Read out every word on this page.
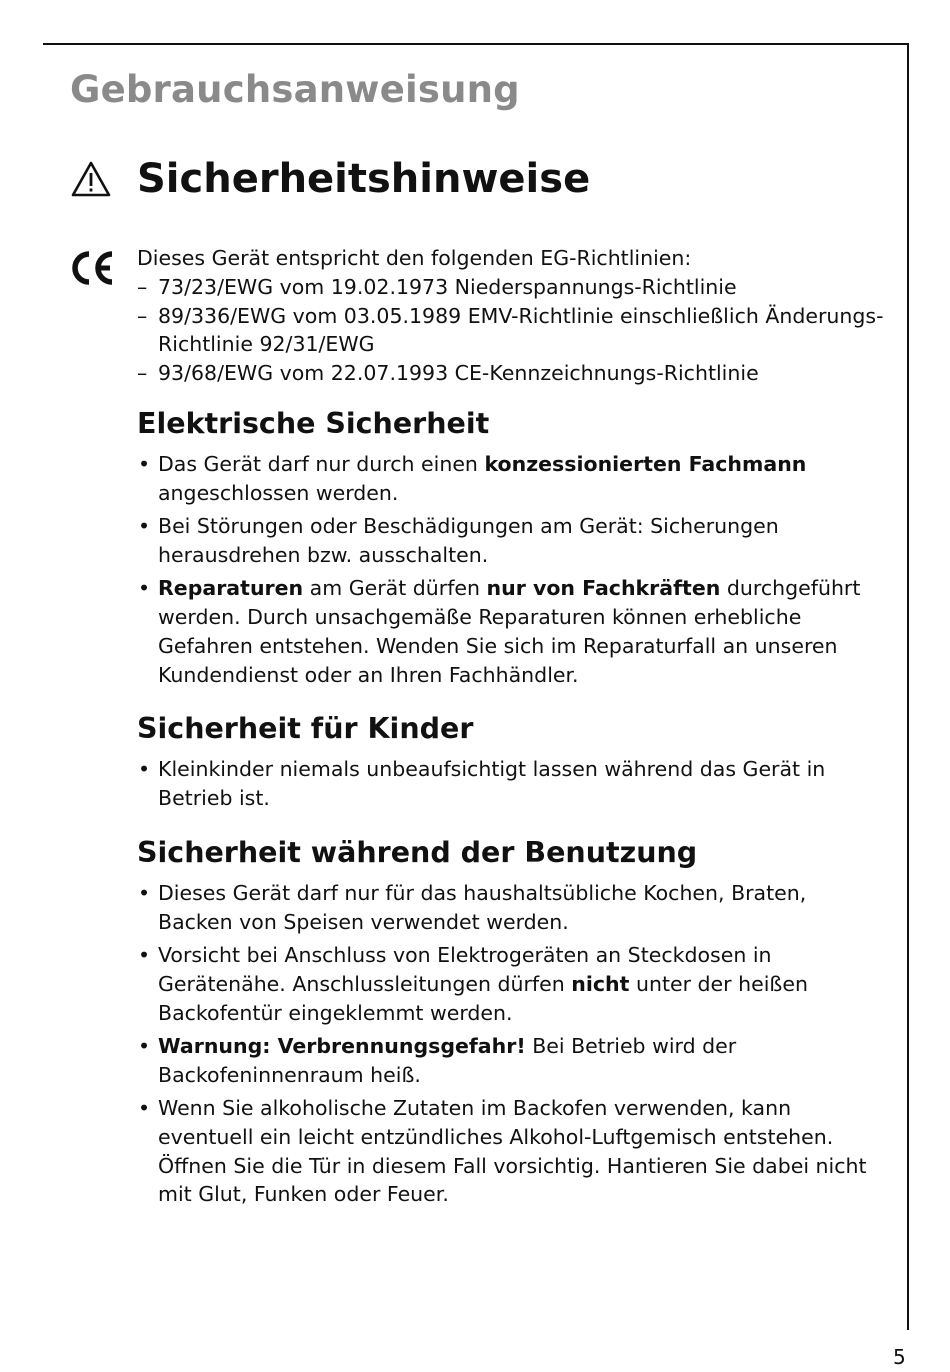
Gebrauchsanweisung
Sicherheitshinweise

Dieses Gerät entspricht den folgenden EG-Richtlinien:

– 73/23/EWG vom 19.02.1973 Niederspannungs-Richtlinie
– 89/336/EWG vom 03.05.1989 EMV-Richtlinie einschließlich Änderungs-Richtlinie 92/31/EWG
– 93/68/EWG vom 22.07.1993 CE-Kennzeichnungs-Richtlinie
Elektrische Sicherheit
• Das Gerät darf nur durch einen konzessionierten Fachmann angeschlossen werden.
• Bei Störungen oder Beschädigungen am Gerät: Sicherungen herausdrehen bzw. ausschalten.
• Reparaturen am Gerät dürfen nur von Fachkräften durchgeführt werden. Durch unsachgemäße Reparaturen können erhebliche Gefahren entstehen. Wenden Sie sich im Reparaturfall an unseren Kundendienst oder an Ihren Fachhändler.
Sicherheit für Kinder
• Kleinkinder niemals unbeaufsichtigt lassen während das Gerät in Betrieb ist.
Sicherheit während der Benutzung
• Dieses Gerät darf nur für das haushaltsübliche Kochen, Braten, Backen von Speisen verwendet werden.
• Vorsicht bei Anschluss von Elektrogeräten an Steckdosen in Gerätenähe. Anschlussleitungen dürfen nicht unter der heißen Backofentür eingeklemmt werden.
• Warnung: Verbrennungsgefahr! Bei Betrieb wird der Backofeninnenraum heiß.
• Wenn Sie alkoholische Zutaten im Backofen verwenden, kann eventuell ein leicht entzündliches Alkohol-Luftgemisch entstehen. Öffnen Sie die Tür in diesem Fall vorsichtig. Hantieren Sie dabei nicht mit Glut, Funken oder Feuer.

5
